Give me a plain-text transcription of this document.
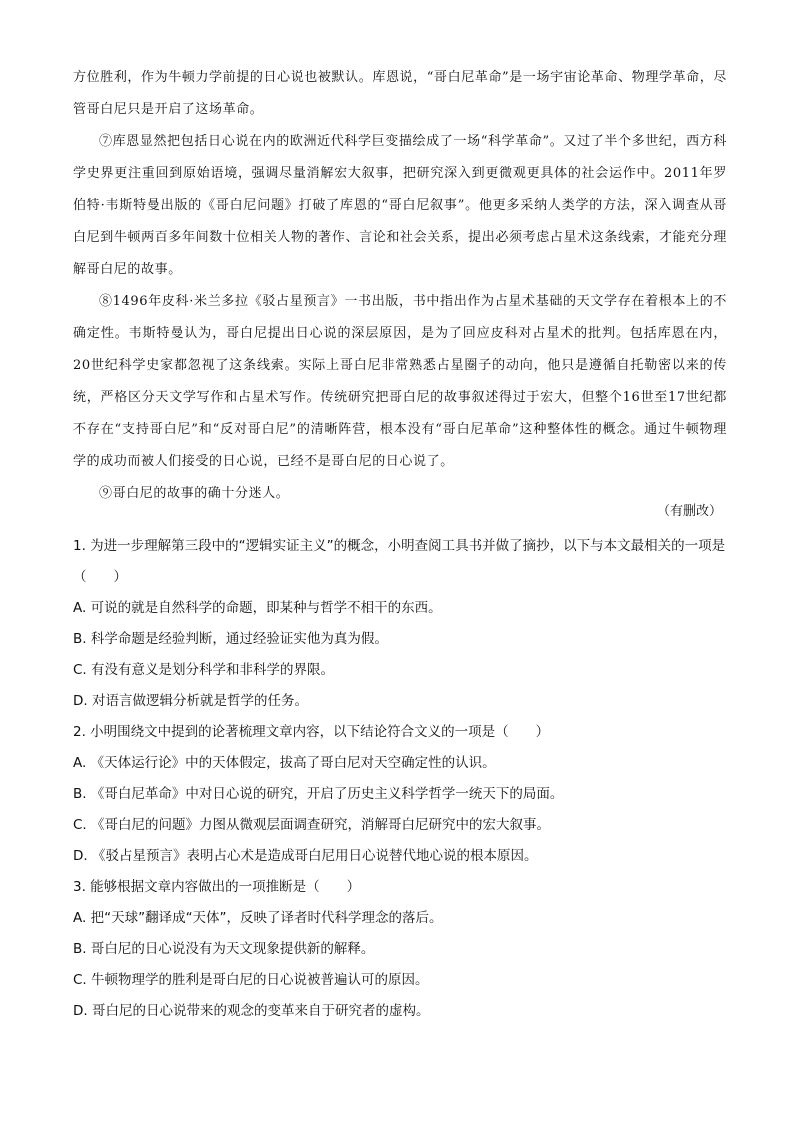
方位胜利，作为牛顿力学前提的日心说也被默认。库恩说，“哥白尼革命”是一场宇宙论革命、物理学革命，尽管哥白尼只是开启了这场革命。

⑦库恩显然把包括日心说在内的欧洲近代科学巨变描绘成了一场“科学革命”。又过了半个多世纪，西方科学史界更注重回到原始语境，强调尽量消解宏大叙事，把研究深入到更微观更具体的社会运作中。2011年罗伯特·韦斯特曼出版的《哥白尼问题》打破了库恩的“哥白尼叙事”。他更多采纳人类学的方法，深入调查从哥白尼到牛顿两百多年间数十位相关人物的著作、言论和社会关系，提出必须考虑占星术这条线索，才能充分理解哥白尼的故事。

⑧1496年皮科·米兰多拉《驳占星预言》一书出版，书中指出作为占星术基础的天文学存在着根本上的不确定性。韦斯特曼认为，哥白尼提出日心说的深层原因，是为了回应皮科对占星术的批判。包括库恩在内，20世纪科学史家都忽视了这条线索。实际上哥白尼非常熟悉占星圈子的动向，他只是遵循自托勒密以来的传统，严格区分天文学写作和占星术写作。传统研究把哥白尼的故事叙述得过于宏大，但整个16世至17世纪都不存在“支持哥白尼”和“反对哥白尼”的清晰阵营，根本没有“哥白尼革命”这种整体性的概念。通过牛顿物理学的成功而被人们接受的日心说，已经不是哥白尼的日心说了。

⑨哥白尼的故事的确十分迷人。

（有删改）

1. 为进一步理解第三段中的“逻辑实证主义”的概念，小明查阅工具书并做了摘抄，以下与本文最相关的一项是（　　）

A. 可说的就是自然科学的命题，即某种与哲学不相干的东西。

B. 科学命题是经验判断，通过经验证实他为真为假。

C. 有没有意义是划分科学和非科学的界限。

D. 对语言做逻辑分析就是哲学的任务。

2. 小明围绕文中提到的论著梳理文章内容，以下结论符合文义的一项是（　　）

A. 《天体运行论》中的天体假定，拔高了哥白尼对天空确定性的认识。

B. 《哥白尼革命》中对日心说的研究，开启了历史主义科学哲学一统天下的局面。

C. 《哥白尼的问题》力图从微观层面调查研究，消解哥白尼研究中的宏大叙事。

D. 《驳占星预言》表明占心术是造成哥白尼用日心说替代地心说的根本原因。

3. 能够根据文章内容做出的一项推断是（　　）

A. 把“天球”翻译成“天体”，反映了译者时代科学理念的落后。

B. 哥白尼的日心说没有为天文现象提供新的解释。

C. 牛顿物理学的胜利是哥白尼的日心说被普遍认可的原因。

D. 哥白尼的日心说带来的观念的变革来自于研究者的虚构。
